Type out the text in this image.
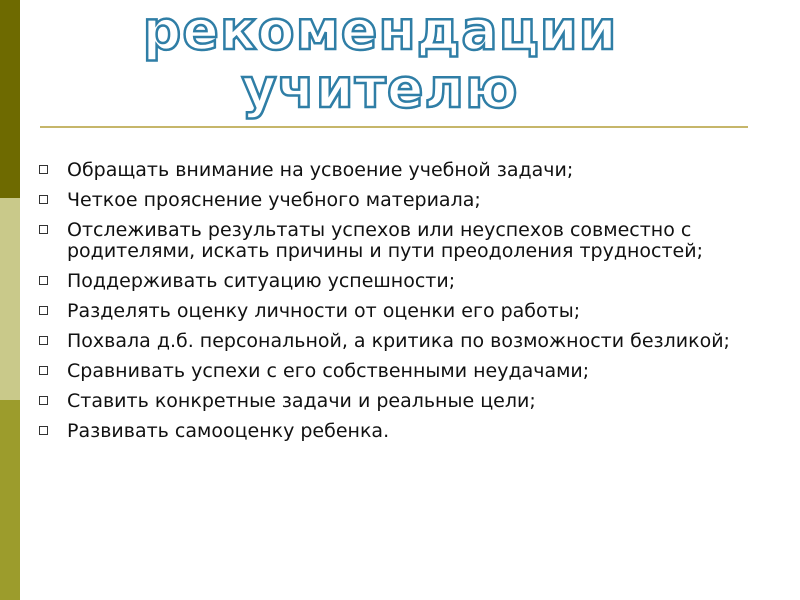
рекомендации
учителю
Обращать внимание на усвоение учебной задачи;
Четкое прояснение учебного материала;
Отслеживать результаты успехов или неуспехов совместно с родителями, искать причины и пути преодоления трудностей;
Поддерживать ситуацию успешности;
Разделять оценку личности от оценки его работы;
Похвала д.б. персональной, а критика по возможности безликой;
Сравнивать успехи с его собственными неудачами;
Ставить конкретные задачи и реальные цели;
Развивать самооценку ребенка.
